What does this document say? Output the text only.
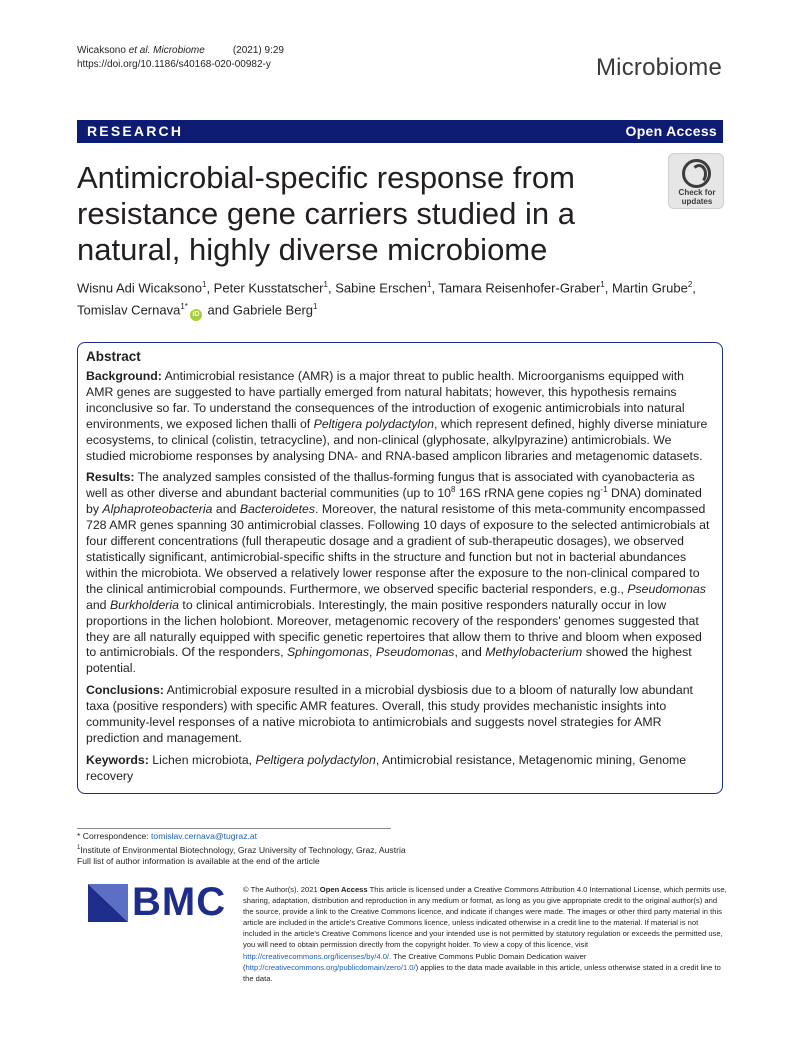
Wicaksono et al. Microbiome	(2021) 9:29
https://doi.org/10.1186/s40168-020-00982-y	Microbiome
RESEARCH	Open Access
Antimicrobial-specific response from resistance gene carriers studied in a natural, highly diverse microbiome
Check for
updates
Wisnu Adi Wicaksono$^1$, Peter Kusstatscher$^1$, Sabine Erschen$^1$, Tamara Reisenhofer-Graber$^1$, Martin Grube$^2$, Tomislav Cernava$^{1*}$iD and Gabriele Berg$^1$
Abstract

Background: Antimicrobial resistance (AMR) is a major threat to public health. Microorganisms equipped with AMR genes are suggested to have partially emerged from natural habitats; however, this hypothesis remains inconclusive so far. To understand the consequences of the introduction of exogenic antimicrobials into natural environments, we exposed lichen thalli of Peltigera polydactylon, which represent defined, highly diverse miniature ecosystems, to clinical (colistin, tetracycline), and non-clinical (glyphosate, alkylpyrazine) antimicrobials. We studied microbiome responses by analysing DNA- and RNA-based amplicon libraries and metagenomic datasets.

Results: The analyzed samples consisted of the thallus-forming fungus that is associated with cyanobacteria as well as other diverse and abundant bacterial communities (up to $10^8$ 16S rRNA gene copies $ng^{-1}$ DNA) dominated by Alphaproteobacteria and Bacteroidetes. Moreover, the natural resistome of this meta-community encompassed 728 AMR genes spanning 30 antimicrobial classes. Following 10 days of exposure to the selected antimicrobials at four different concentrations (full therapeutic dosage and a gradient of sub-therapeutic dosages), we observed statistically significant, antimicrobial-specific shifts in the structure and function but not in bacterial abundances within the microbiota. We observed a relatively lower response after the exposure to the non-clinical compared to the clinical antimicrobial compounds. Furthermore, we observed specific bacterial responders, e.g., Pseudomonas and Burkholderia to clinical antimicrobials. Interestingly, the main positive responders naturally occur in low proportions in the lichen holobiont. Moreover, metagenomic recovery of the responders' genomes suggested that they are all naturally equipped with specific genetic repertoires that allow them to thrive and bloom when exposed to antimicrobials. Of the responders, Sphingomonas, Pseudomonas, and Methylobacterium showed the highest potential.

Conclusions: Antimicrobial exposure resulted in a microbial dysbiosis due to a bloom of naturally low abundant taxa (positive responders) with specific AMR features. Overall, this study provides mechanistic insights into community-level responses of a native microbiota to antimicrobials and suggests novel strategies for AMR prediction and management.

Keywords: Lichen microbiota, Peltigera polydactylon, Antimicrobial resistance, Metagenomic mining, Genome recovery

* Correspondence: tomislav.cernava@tugraz.at
$^1$Institute of Environmental Biotechnology, Graz University of Technology, Graz, Austria
Full list of author information is available at the end of the article
BMC © The Author(s). 2021 Open Access This article is licensed under a Creative Commons Attribution 4.0 International License, which permits use, sharing, adaptation, distribution and reproduction in any medium or format, as long as you give appropriate credit to the original author(s) and the source, provide a link to the Creative Commons licence, and indicate if changes were made. The images or other third party material in this article are included in the article's Creative Commons licence, unless indicated otherwise in a credit line to the material. If material is not included in the article's Creative Commons licence and your intended use is not permitted by statutory regulation or exceeds the permitted use, you will need to obtain permission directly from the copyright holder. To view a copy of this licence, visit http://creativecommons.org/licenses/by/4.0/. The Creative Commons Public Domain Dedication waiver (http://creativecommons.org/publicdomain/zero/1.0/) applies to the data made available in this article, unless otherwise stated in a credit line to the data.
